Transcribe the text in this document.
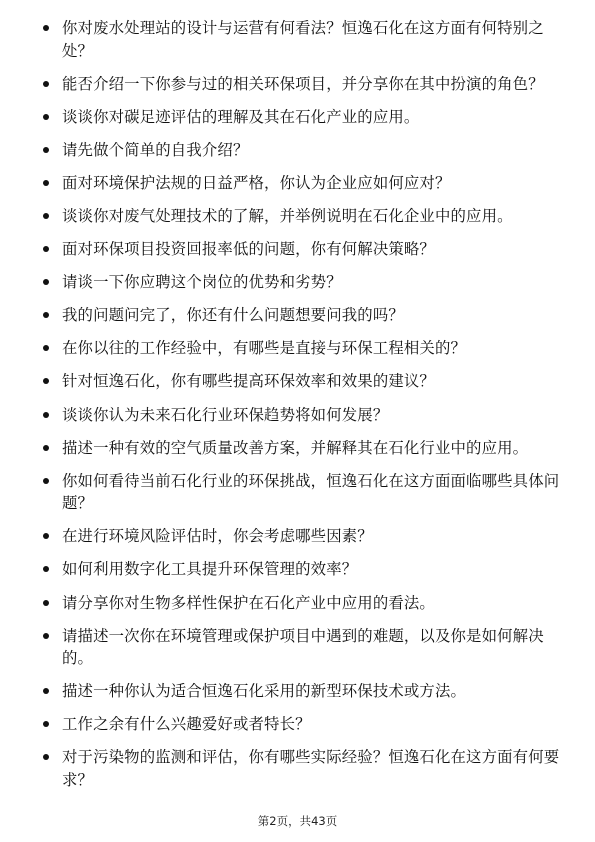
你对废水处理站的设计与运营有何看法？恒逸石化在这方面有何特别之处？
能否介绍一下你参与过的相关环保项目，并分享你在其中扮演的角色？
谈谈你对碳足迹评估的理解及其在石化产业的应用。
请先做个简单的自我介绍？
面对环境保护法规的日益严格，你认为企业应如何应对？
谈谈你对废气处理技术的了解，并举例说明在石化企业中的应用。
面对环保项目投资回报率低的问题，你有何解决策略？
请谈一下你应聘这个岗位的优势和劣势？
我的问题问完了，你还有什么问题想要问我的吗？
在你以往的工作经验中，有哪些是直接与环保工程相关的？
针对恒逸石化，你有哪些提高环保效率和效果的建议？
谈谈你认为未来石化行业环保趋势将如何发展？
描述一种有效的空气质量改善方案，并解释其在石化行业中的应用。
你如何看待当前石化行业的环保挑战，恒逸石化在这方面面临哪些具体问题？
在进行环境风险评估时，你会考虑哪些因素？
如何利用数字化工具提升环保管理的效率？
请分享你对生物多样性保护在石化产业中应用的看法。
请描述一次你在环境管理或保护项目中遇到的难题，以及你是如何解决的。
描述一种你认为适合恒逸石化采用的新型环保技术或方法。
工作之余有什么兴趣爱好或者特长？
对于污染物的监测和评估，你有哪些实际经验？恒逸石化在这方面有何要求？
第2页，共43页
